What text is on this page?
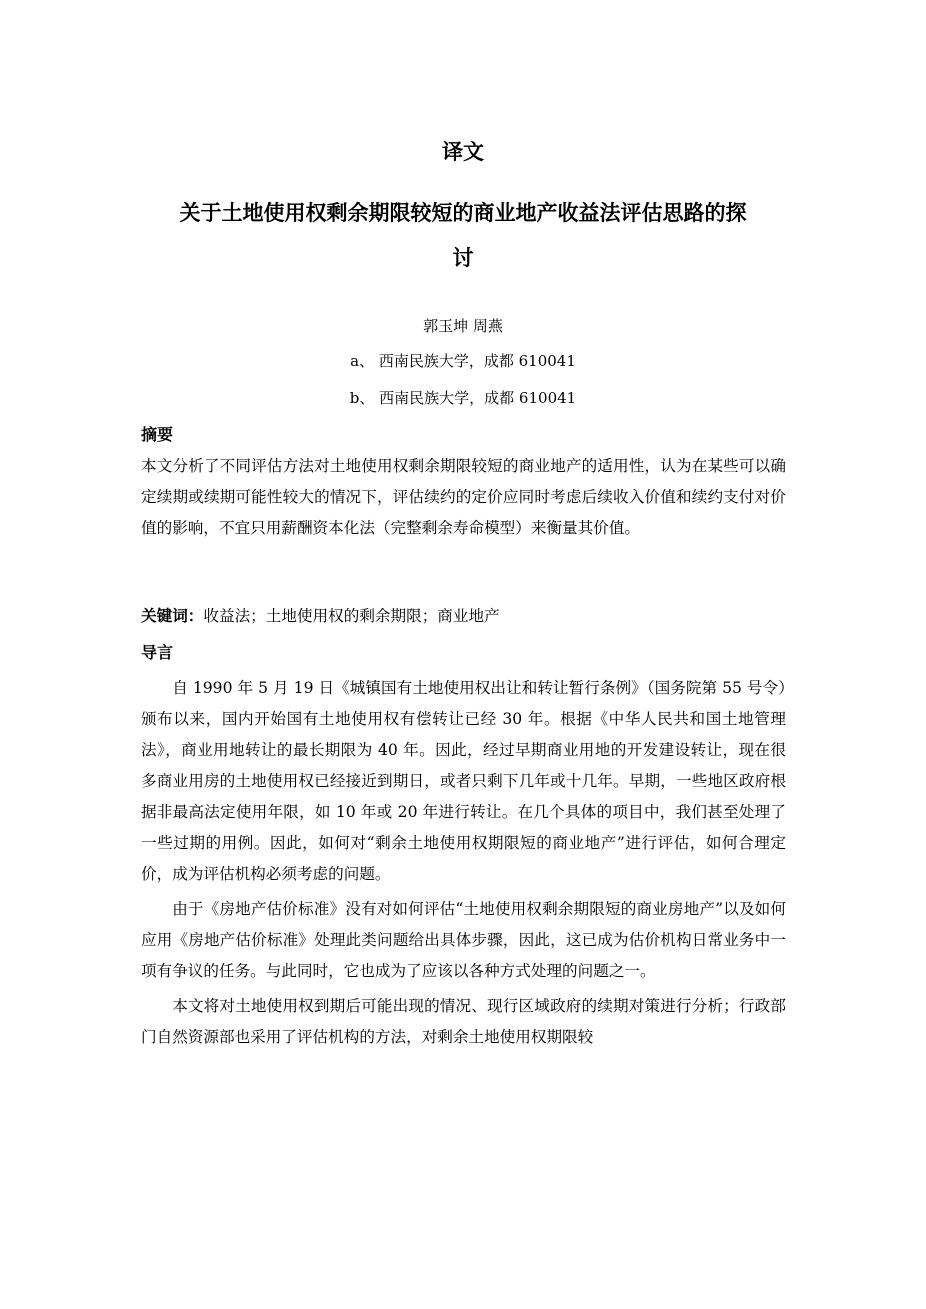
译文
关于土地使用权剩余期限较短的商业地产收益法评估思路的探
讨
郭玉坤 周燕
a、 西南民族大学，成都 610041
b、 西南民族大学，成都 610041
摘要
本文分析了不同评估方法对土地使用权剩余期限较短的商业地产的适用性，认为在某些可以确定续期或续期可能性较大的情况下，评估续约的定价应同时考虑后续收入价值和续约支付对价值的影响，不宜只用薪酬资本化法（完整剩余寿命模型）来衡量其价值。
关键词：收益法；土地使用权的剩余期限；商业地产
导言

自 1990 年 5 月 19 日《城镇国有土地使用权出让和转让暂行条例》（国务院第 55 号令）颁布以来，国内开始国有土地使用权有偿转让已经 30 年。根据《中华人民共和国土地管理法》，商业用地转让的最长期限为 40 年。因此，经过早期商业用地的开发建设转让，现在很多商业用房的土地使用权已经接近到期日，或者只剩下几年或十几年。早期，一些地区政府根据非最高法定使用年限，如 10 年或 20 年进行转让。在几个具体的项目中，我们甚至处理了一些过期的用例。因此，如何对“剩余土地使用权期限短的商业地产”进行评估，如何合理定价，成为评估机构必须考虑的问题。

由于《房地产估价标准》没有对如何评估“土地使用权剩余期限短的商业房地产”以及如何应用《房地产估价标准》处理此类问题给出具体步骤，因此，这已成为估价机构日常业务中一项有争议的任务。与此同时，它也成为了应该以各种方式处理的问题之一。

本文将对土地使用权到期后可能出现的情况、现行区域政府的续期对策进行分析；行政部门自然资源部也采用了评估机构的方法，对剩余土地使用权期限较
